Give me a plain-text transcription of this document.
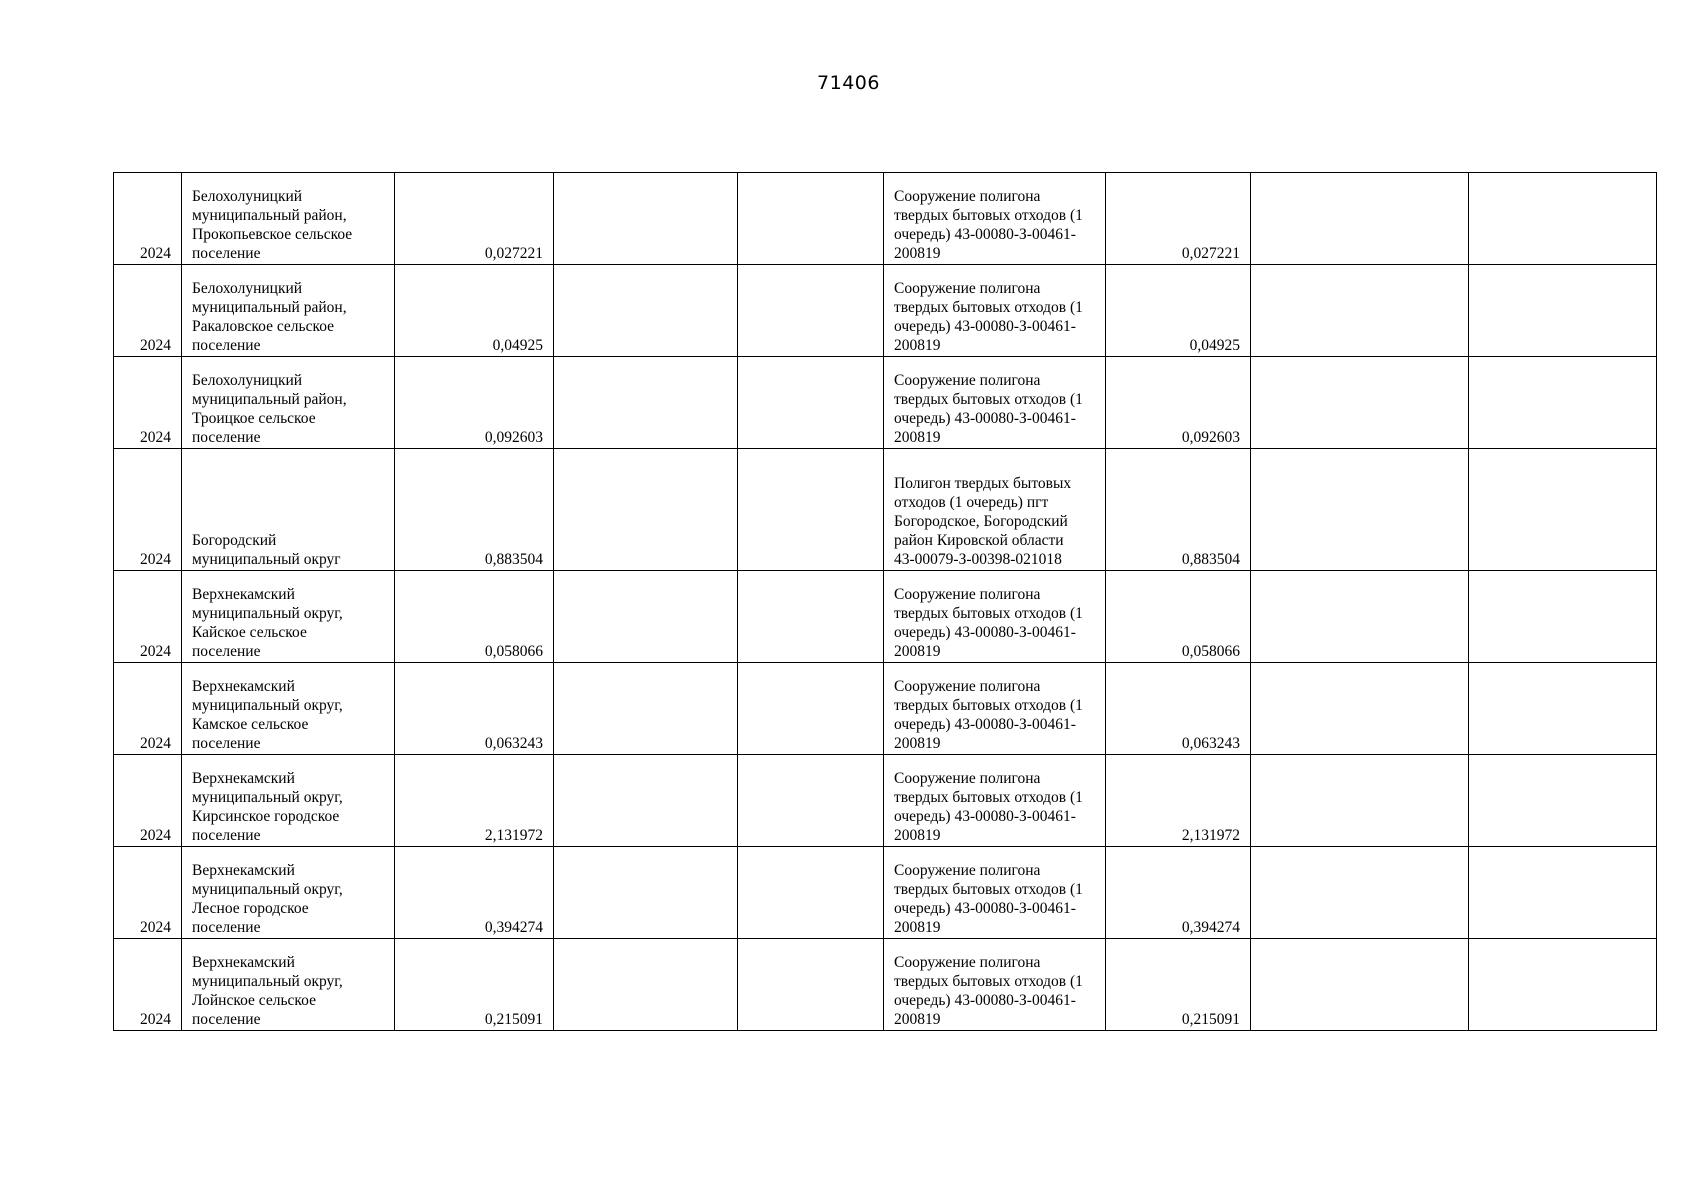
71406
2024	Белохолуницкий
муниципальный район,
Прокопьевское сельское
поселение	0,027221			Сооружение полигона
твердых бытовых отходов (1
очередь) 43-00080-З-00461-
200819	0,027221		
2024	Белохолуницкий
муниципальный район,
Ракаловское сельское
поселение	0,04925			Сооружение полигона
твердых бытовых отходов (1
очередь) 43-00080-З-00461-
200819	0,04925		
2024	Белохолуницкий
муниципальный район,
Троицкое сельское
поселение	0,092603			Сооружение полигона
твердых бытовых отходов (1
очередь) 43-00080-З-00461-
200819	0,092603		
2024	Богородский
муниципальный округ	0,883504			Полигон твердых бытовых
отходов (1 очередь) пгт
Богородское, Богородский
район Кировской области
43-00079-З-00398-021018	0,883504		
2024	Верхнекамский
муниципальный округ,
Кайское сельское
поселение	0,058066			Сооружение полигона
твердых бытовых отходов (1
очередь) 43-00080-З-00461-
200819	0,058066		
2024	Верхнекамский
муниципальный округ,
Камское сельское
поселение	0,063243			Сооружение полигона
твердых бытовых отходов (1
очередь) 43-00080-З-00461-
200819	0,063243		
2024	Верхнекамский
муниципальный округ,
Кирсинское городское
поселение	2,131972			Сооружение полигона
твердых бытовых отходов (1
очередь) 43-00080-З-00461-
200819	2,131972		
2024	Верхнекамский
муниципальный округ,
Лесное городское
поселение	0,394274			Сооружение полигона
твердых бытовых отходов (1
очередь) 43-00080-З-00461-
200819	0,394274		
2024	Верхнекамский
муниципальный округ,
Лойнское сельское
поселение	0,215091			Сооружение полигона
твердых бытовых отходов (1
очередь) 43-00080-З-00461-
200819	0,215091		
